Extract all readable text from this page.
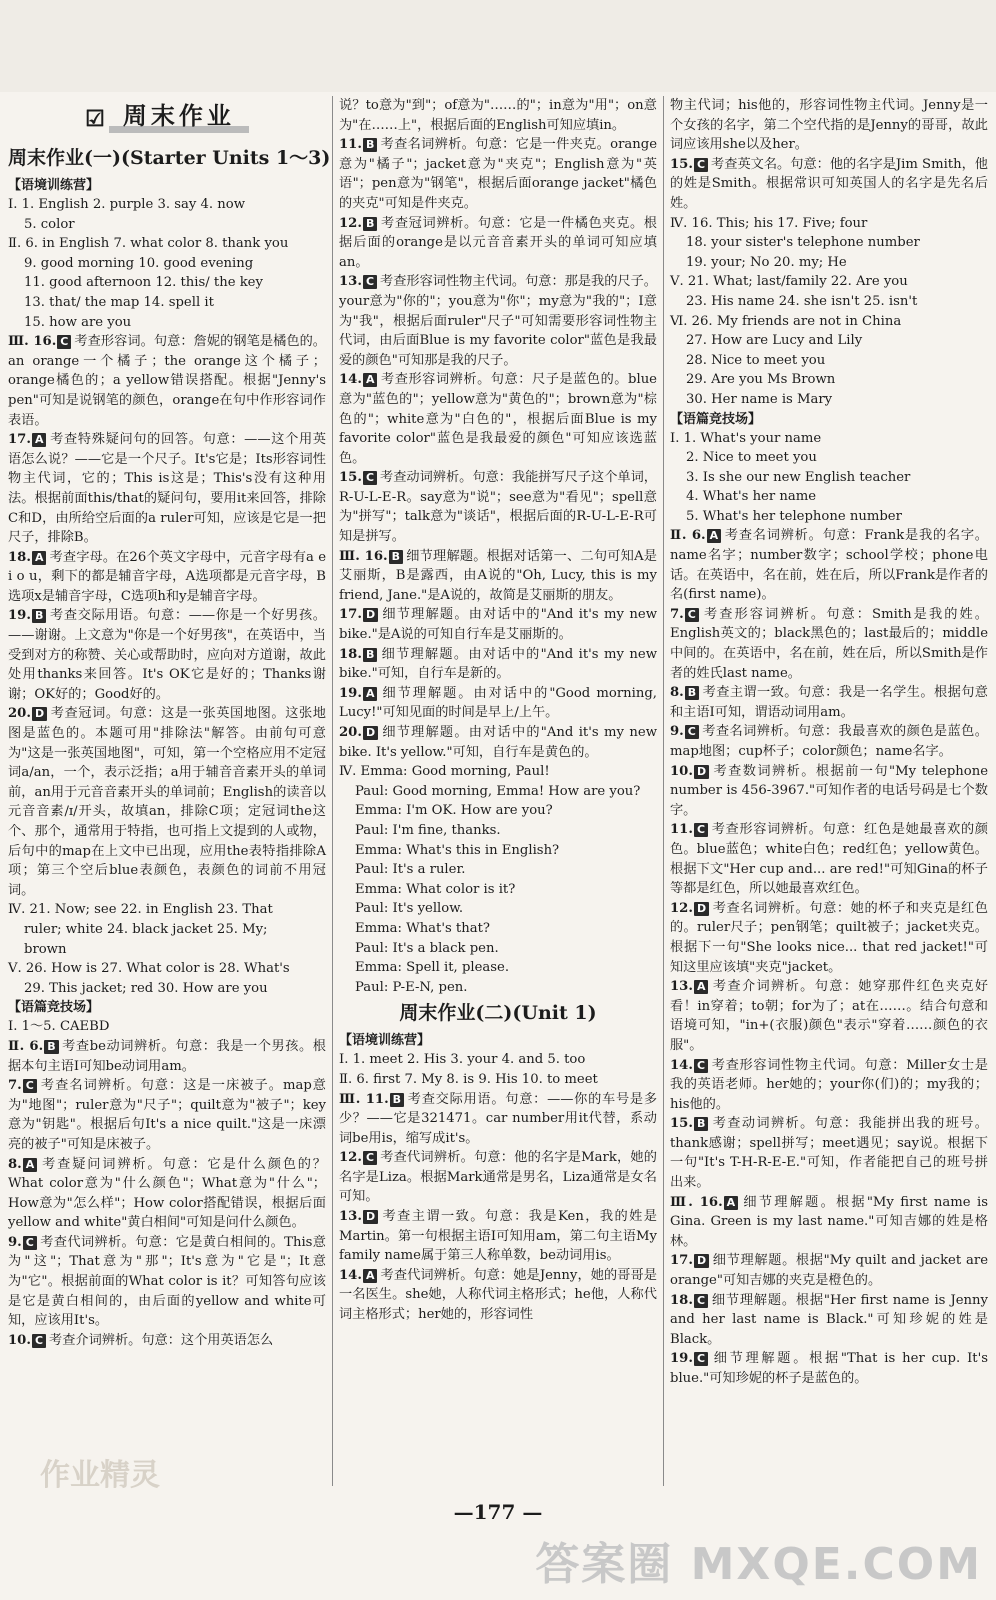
☑ 周末作业
周末作业(一)(Starter Units 1～3)
【语境训练营】

Ⅰ. 1. English 2. purple 3. say 4. now

5. color

Ⅱ. 6. in English 7. what color 8. thank you

9. good morning 10. good evening

11. good afternoon 12. this/ the key

13. that/ the map 14. spell it

15. how are you

Ⅲ. 16. C 考查形容词。句意：詹妮的钢笔是橘色的。an orange一个橘子；the orange这个橘子；orange橘色的；a yellow错误搭配。根据"Jenny's pen"可知是说钢笔的颜色，orange在句中作形容词作表语。

17. A 考查特殊疑问句的回答。句意：——这个用英语怎么说？——它是一个尺子。It's它是；Its形容词性物主代词，它的；This is这是；This's没有这种用法。根据前面this/that的疑问句，要用it来回答，排除C和D，由所给空后面的a ruler可知，应该是它是一把尺子，排除B。

18. A 考查字母。在26个英文字母中，元音字母有a e i o u，剩下的都是辅音字母，A选项都是元音字母，B选项x是辅音字母，C选项h和y是辅音字母。

19. B 考查交际用语。句意：——你是一个好男孩。——谢谢。上文意为"你是一个好男孩"，在英语中，当受到对方的称赞、关心或帮助时，应向对方道谢，故此处用thanks来回答。It's OK它是好的；Thanks谢谢；OK好的；Good好的。

20. D 考查冠词。句意：这是一张英国地图。这张地图是蓝色的。本题可用"排除法"解答。由前句可意为"这是一张英国地图"，可知，第一个空格应用不定冠词a/an，一个，表示泛指；a用于辅音音素开头的单词前，an用于元音音素开头的单词前；English的读音以元音音素/ɪ/开头，故填an，排除C项；定冠词the这个、那个，通常用于特指，也可指上文提到的人或物，后句中的map在上文中已出现，应用the表特指排除A项；第三个空后blue表颜色，表颜色的词前不用冠词。

Ⅳ. 21. Now; see 22. in English 23. That

ruler; white 24. black jacket 25. My;

brown

Ⅴ. 26. How is 27. What color is 28. What's

29. This jacket; red 30. How are you

【语篇竞技场】

Ⅰ. 1～5. CAEBD

Ⅱ. 6. B 考查be动词辨析。句意：我是一个男孩。根据本句主语I可知be动词用am。

7. C 考查名词辨析。句意：这是一床被子。map意为"地图"；ruler意为"尺子"；quilt意为"被子"；key意为"钥匙"。根据后句It's a nice quilt."这是一床漂亮的被子"可知是床被子。

8. A 考查疑问词辨析。句意：它是什么颜色的？What color意为"什么颜色"；What意为"什么"；How意为"怎么样"；How color搭配错误，根据后面yellow and white"黄白相间"可知是问什么颜色。

9. C 考查代词辨析。句意：它是黄白相间的。This意为"这"；That意为"那"；It's意为"它是"；It意为"它"。根据前面的What color is it？可知答句应该是它是黄白相间的，由后面的yellow and white可知，应该用It's。

10. C 考查介词辨析。句意：这个用英语怎么

说？to意为"到"；of意为"……的"；in意为"用"；on意为"在……上"，根据后面的English可知应填in。

11. B 考查名词辨析。句意：它是一件夹克。orange意为"橘子"；jacket意为"夹克"；English意为"英语"；pen意为"钢笔"，根据后面orange jacket"橘色的夹克"可知是件夹克。

12. B 考查冠词辨析。句意：它是一件橘色夹克。根据后面的orange是以元音音素开头的单词可知应填an。

13. C 考查形容词性物主代词。句意：那是我的尺子。your意为"你的"；you意为"你"；my意为"我的"；I意为"我"，根据后面ruler"尺子"可知需要形容词性物主代词，由后面Blue is my favorite color"蓝色是我最爱的颜色"可知那是我的尺子。

14. A 考查形容词辨析。句意：尺子是蓝色的。blue意为"蓝色的"；yellow意为"黄色的"；brown意为"棕色的"；white意为"白色的"，根据后面Blue is my favorite color"蓝色是我最爱的颜色"可知应该选蓝色。

15. C 考查动词辨析。句意：我能拼写尺子这个单词，R-U-L-E-R。say意为"说"；see意为"看见"；spell意为"拼写"；talk意为"谈话"，根据后面的R-U-L-E-R可知是拼写。

Ⅲ. 16. B 细节理解题。根据对话第一、二句可知A是艾丽斯，B是露西，由A说的"Oh, Lucy, this is my friend, Jane."是A说的，故简是艾丽斯的朋友。

17. D 细节理解题。由对话中的"And it's my new bike."是A说的可知自行车是艾丽斯的。

18. B 细节理解题。由对话中的"And it's my new bike."可知，自行车是新的。

19. A 细节理解题。由对话中的"Good morning, Lucy!"可知见面的时间是早上/上午。

20. D 细节理解题。由对话中的"And it's my new bike. It's yellow."可知，自行车是黄色的。

Ⅳ. Emma: Good morning, Paul!

Paul: Good morning, Emma! How are you?

Emma: I'm OK. How are you?

Paul: I'm fine, thanks.

Emma: What's this in English?

Paul: It's a ruler.

Emma: What color is it?

Paul: It's yellow.

Emma: What's that?

Paul: It's a black pen.

Emma: Spell it, please.

Paul: P-E-N, pen.

周末作业(二)(Unit 1)
【语境训练营】

Ⅰ. 1. meet 2. His 3. your 4. and 5. too

Ⅱ. 6. first 7. My 8. is 9. His 10. to meet

Ⅲ. 11. B 考查交际用语。句意：——你的车号是多少？——它是321471。car number用it代替，系动词be用is，缩写成it's。

12. C 考查代词辨析。句意：他的名字是Mark，她的名字是Liza。根据Mark通常是男名，Liza通常是女名可知。

13. D 考查主谓一致。句意：我是Ken，我的姓是Martin。第一句根据主语I可知用am，第二句主语My family name属于第三人称单数，be动词用is。

14. A 考查代词辨析。句意：她是Jenny，她的哥哥是一名医生。she她，人称代词主格形式；he他，人称代词主格形式；her她的，形容词性

物主代词；his他的，形容词性物主代词。Jenny是一个女孩的名字，第二个空代指的是Jenny的哥哥，故此词应该用she以及her。

15. C 考查英文名。句意：他的名字是Jim Smith，他的姓是Smith。根据常识可知英国人的名字是先名后姓。

Ⅳ. 16. This; his 17. Five; four

18. your sister's telephone number

19. your; No 20. my; He

Ⅴ. 21. What; last/family 22. Are you

23. His name 24. she isn't 25. isn't

Ⅵ. 26. My friends are not in China

27. How are Lucy and Lily

28. Nice to meet you

29. Are you Ms Brown

30. Her name is Mary

【语篇竞技场】

Ⅰ. 1. What's your name

2. Nice to meet you

3. Is she our new English teacher

4. What's her name

5. What's her telephone number

Ⅱ. 6. A 考查名词辨析。句意：Frank是我的名字。name名字；number数字；school学校；phone电话。在英语中，名在前，姓在后，所以Frank是作者的名(first name)。

7. C 考查形容词辨析。句意：Smith是我的姓。English英文的；black黑色的；last最后的；middle中间的。在英语中，名在前，姓在后，所以Smith是作者的姓氏last name。

8. B 考查主谓一致。句意：我是一名学生。根据句意和主语I可知，谓语动词用am。

9. C 考查名词辨析。句意：我最喜欢的颜色是蓝色。map地图；cup杯子；color颜色；name名字。

10. D 考查数词辨析。根据前一句"My telephone number is 456-3967."可知作者的电话号码是七个数字。

11. C 考查形容词辨析。句意：红色是她最喜欢的颜色。blue蓝色；white白色；red红色；yellow黄色。根据下文"Her cup and... are red!"可知Gina的杯子等都是红色，所以她最喜欢红色。

12. D 考查名词辨析。句意：她的杯子和夹克是红色的。ruler尺子；pen钢笔；quilt被子；jacket夹克。根据下一句"She looks nice... that red jacket!"可知这里应该填"夹克"jacket。

13. A 考查介词辨析。句意：她穿那件红色夹克好看！in穿着；to朝；for为了；at在……。结合句意和语境可知，"in+(衣服)颜色"表示"穿着……颜色的衣服"。

14. C 考查形容词性物主代词。句意：Miller女士是我的英语老师。her她的；your你(们)的；my我的；his他的。

15. B 考查动词辨析。句意：我能拼出我的班号。thank感谢；spell拼写；meet遇见；say说。根据下一句"It's T-H-R-E-E."可知，作者能把自己的班号拼出来。

Ⅲ. 16. A 细节理解题。根据"My first name is Gina. Green is my last name."可知吉娜的姓是格林。

17. D 细节理解题。根据"My quilt and jacket are orange"可知吉娜的夹克是橙色的。

18. C 细节理解题。根据"Her first name is Jenny and her last name is Black."可知珍妮的姓是Black。

19. C 细节理解题。根据"That is her cup. It's blue."可知珍妮的杯子是蓝色的。

—177 —
作业精灵
答案圈 MXQE.COM
